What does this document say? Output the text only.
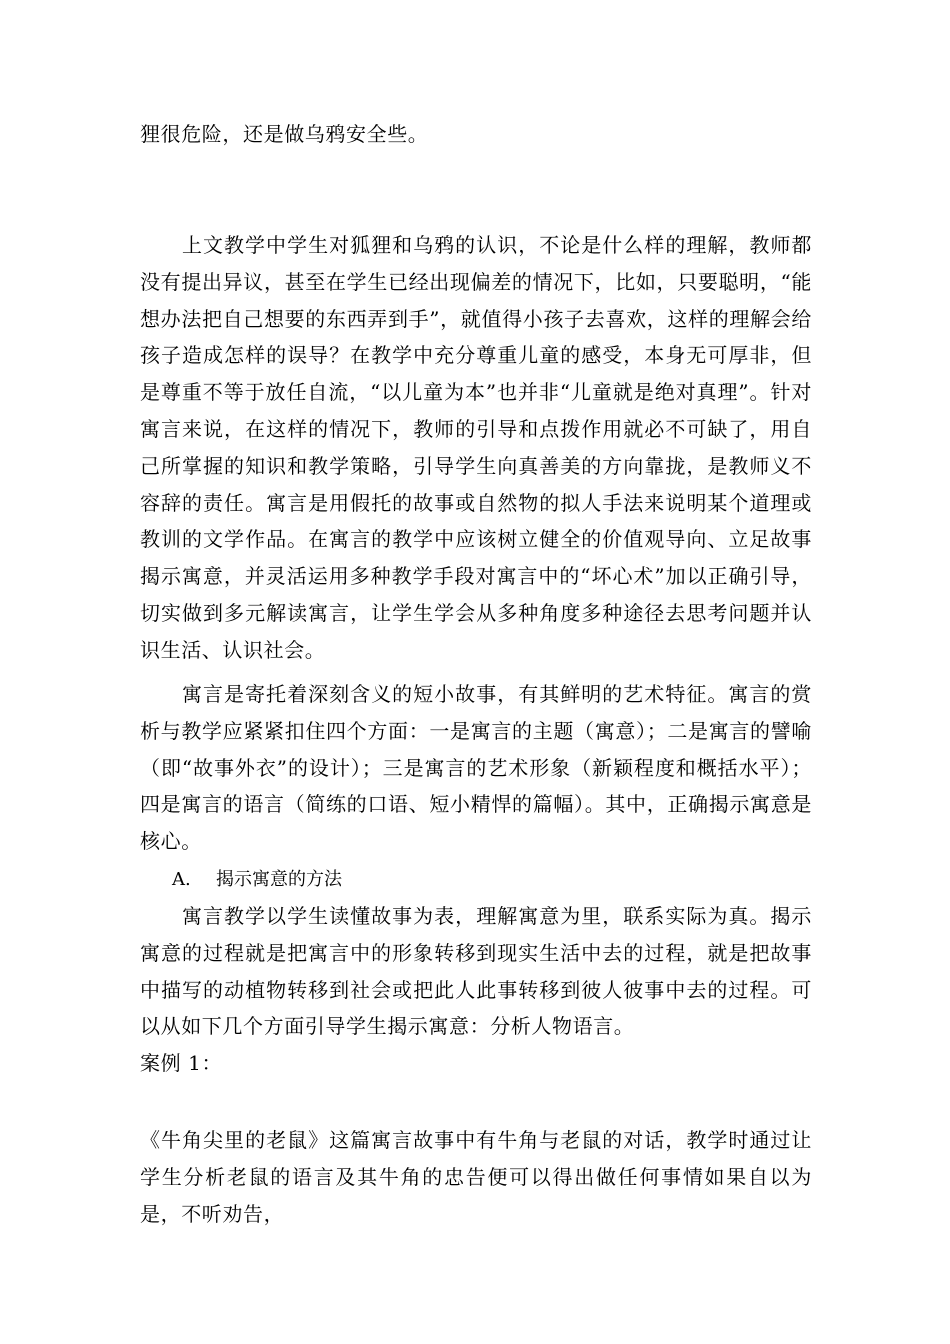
狸很危险，还是做乌鸦安全些。
上文教学中学生对狐狸和乌鸦的认识，不论是什么样的理解，教师都没有提出异议，甚至在学生已经出现偏差的情况下，比如，只要聪明，“能想办法把自己想要的东西弄到手”，就值得小孩子去喜欢，这样的理解会给孩子造成怎样的误导？在教学中充分尊重儿童的感受，本身无可厚非，但是尊重不等于放任自流，“以儿童为本”也并非“儿童就是绝对真理”。针对寓言来说，在这样的情况下，教师的引导和点拨作用就必不可缺了，用自己所掌握的知识和教学策略，引导学生向真善美的方向靠拢，是教师义不容辞的责任。寓言是用假托的故事或自然物的拟人手法来说明某个道理或教训的文学作品。在寓言的教学中应该树立健全的价值观导向、立足故事揭示寓意，并灵活运用多种教学手段对寓言中的“坏心术”加以正确引导，切实做到多元解读寓言，让学生学会从多种角度多种途径去思考问题并认识生活、认识社会。
寓言是寄托着深刻含义的短小故事，有其鲜明的艺术特征。寓言的赏析与教学应紧紧扣住四个方面：一是寓言的主题（寓意）；二是寓言的譬喻（即“故事外衣”的设计）；三是寓言的艺术形象（新颖程度和概括水平）；四是寓言的语言（简练的口语、短小精悍的篇幅）。其中，正确揭示寓意是核心。
A. 揭示寓意的方法
寓言教学以学生读懂故事为表，理解寓意为里，联系实际为真。揭示寓意的过程就是把寓言中的形象转移到现实生活中去的过程，就是把故事中描写的动植物转移到社会或把此人此事转移到彼人彼事中去的过程。可以从如下几个方面引导学生揭示寓意：分析人物语言。
案例 1：
《牛角尖里的老鼠》这篇寓言故事中有牛角与老鼠的对话，教学时通过让学生分析老鼠的语言及其牛角的忠告便可以得出做任何事情如果自以为是，不听劝告，
